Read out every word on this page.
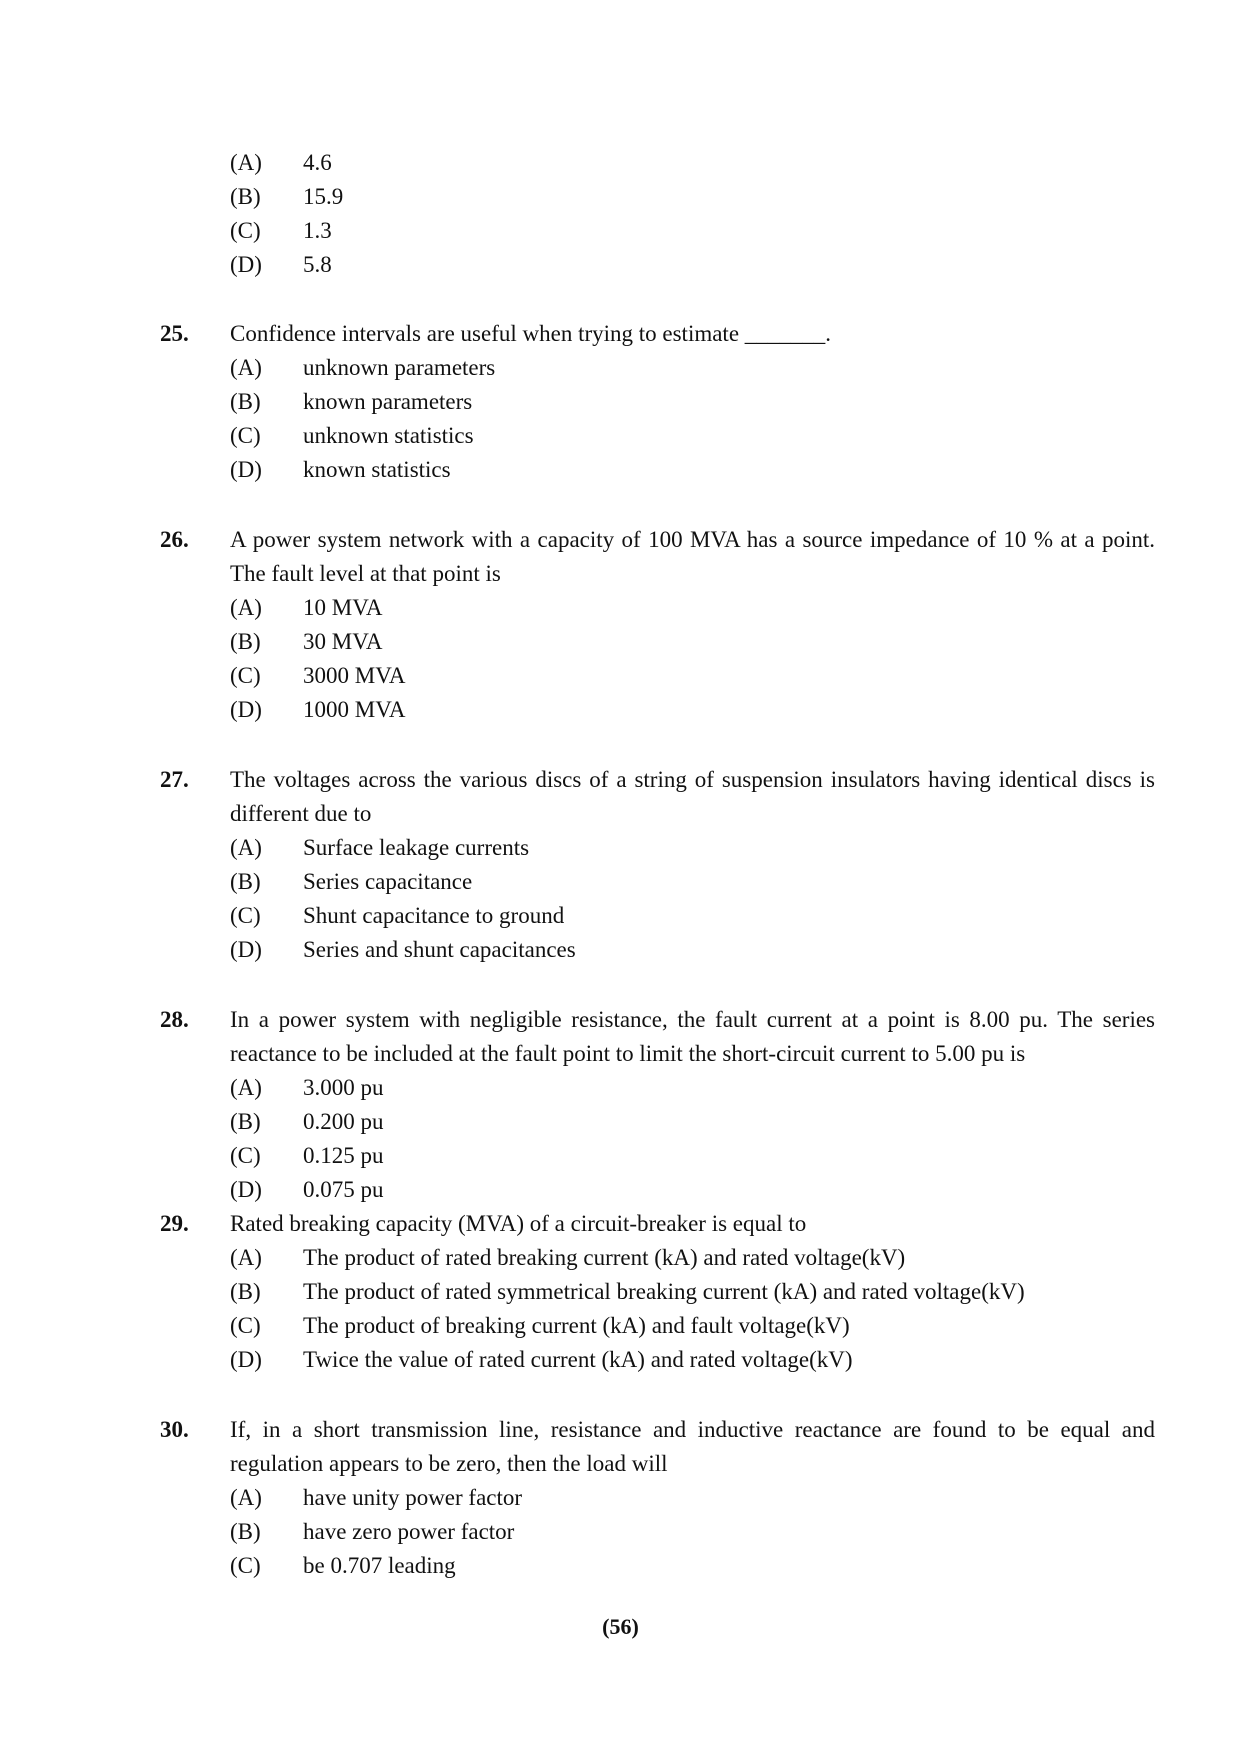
(A)	4.6
(B)	15.9
(C)	1.3
(D)	5.8
25. Confidence intervals are useful when trying to estimate _______.
(A)	unknown parameters
(B)	known parameters
(C)	unknown statistics
(D)	known statistics
26. A power system network with a capacity of 100 MVA has a source impedance of 10 % at a point. The fault level at that point is
(A)	10 MVA
(B)	30 MVA
(C)	3000 MVA
(D)	1000 MVA
27. The voltages across the various discs of a string of suspension insulators having identical discs is different due to
(A)	Surface leakage currents
(B)	Series capacitance
(C)	Shunt capacitance to ground
(D)	Series and shunt capacitances
28. In a power system with negligible resistance, the fault current at a point is 8.00 pu. The series reactance to be included at the fault point to limit the short-circuit current to 5.00 pu is
(A)	3.000 pu
(B)	0.200 pu
(C)	0.125 pu
(D)	0.075 pu
29. Rated breaking capacity (MVA) of a circuit-breaker is equal to
(A)	The product of rated breaking current (kA) and rated voltage(kV)
(B)	The product of rated symmetrical breaking current (kA) and rated voltage(kV)
(C)	The product of breaking current (kA) and fault voltage(kV)
(D)	Twice the value of rated current (kA) and rated voltage(kV)
30. If, in a short transmission line, resistance and inductive reactance are found to be equal and regulation appears to be zero, then the load will
(A)	have unity power factor
(B)	have zero power factor
(C)	be 0.707 leading
(56)
